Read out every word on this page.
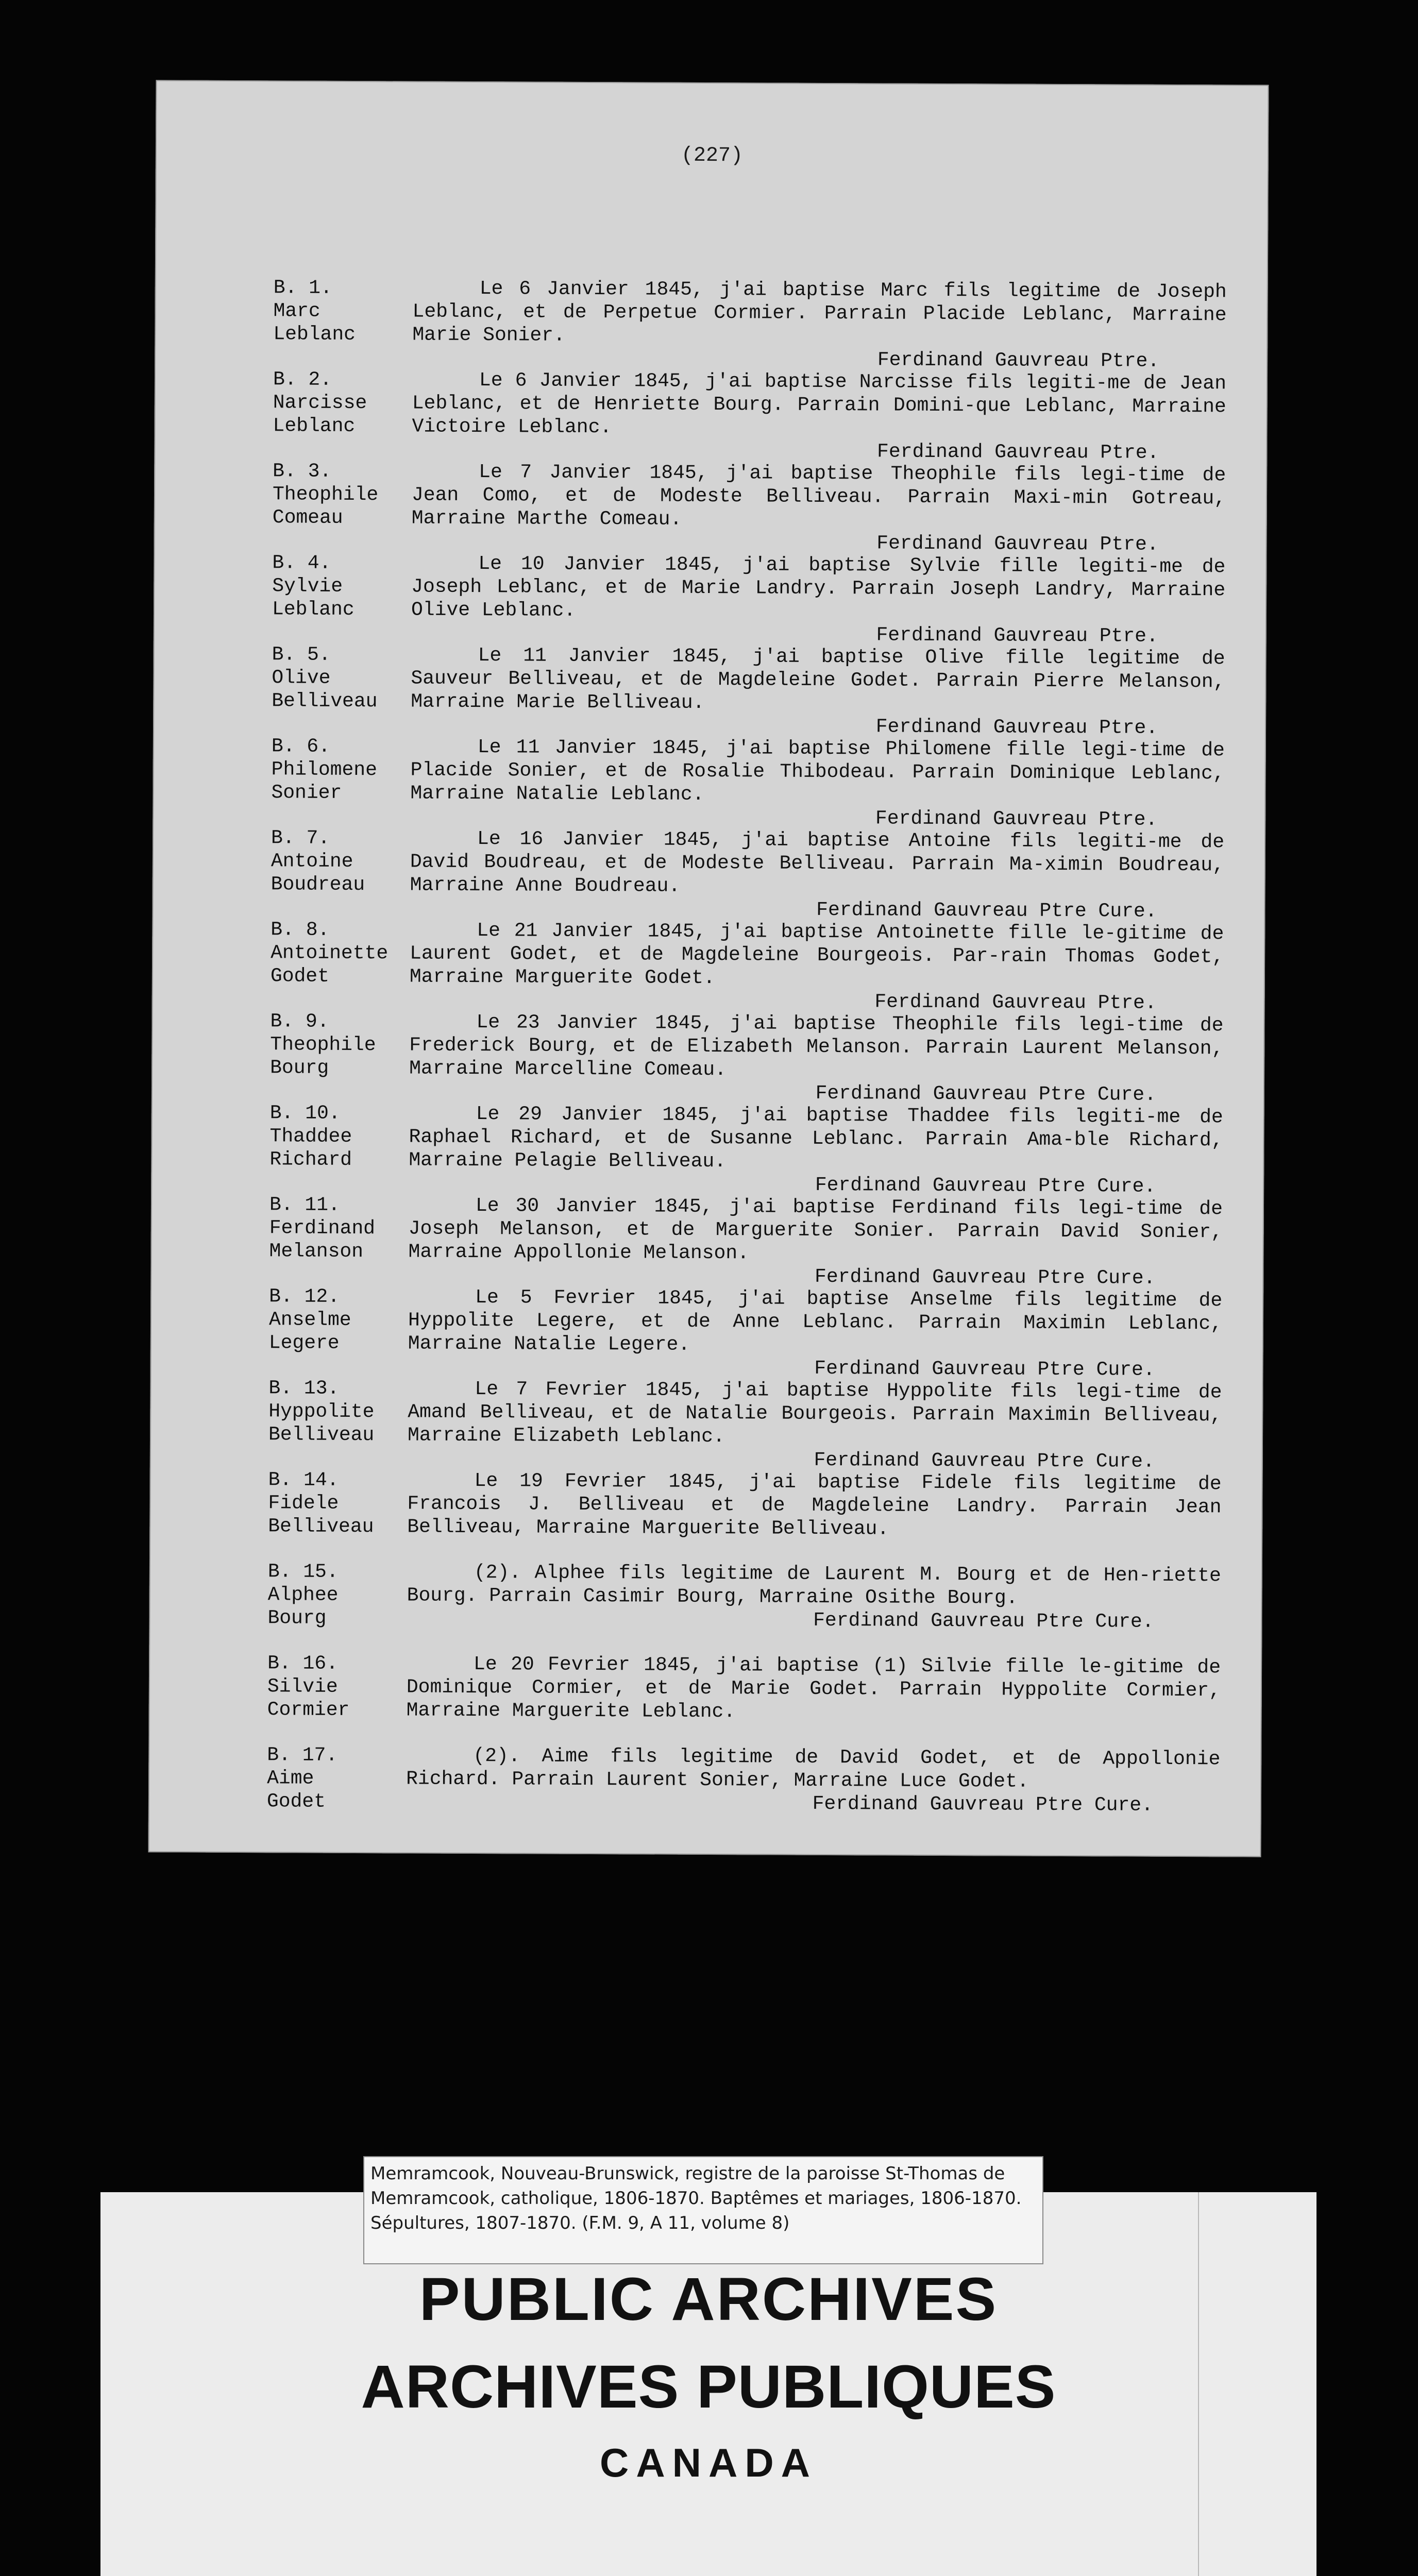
(227)
B. 1.
Marc
Leblanc
Le 6 Janvier 1845, j'ai baptise Marc fils legitime de Joseph Leblanc, et de Perpetue Cormier. Parrain Placide Leblanc, Marraine Marie Sonier.
Ferdinand Gauvreau Ptre.
B. 2.
Narcisse
Leblanc
Le 6 Janvier 1845, j'ai baptise Narcisse fils legiti-me de Jean Leblanc, et de Henriette Bourg. Parrain Domini-que Leblanc, Marraine Victoire Leblanc.
Ferdinand Gauvreau Ptre.
B. 3.
Theophile
Comeau
Le 7 Janvier 1845, j'ai baptise Theophile fils legi-time de Jean Como, et de Modeste Belliveau. Parrain Maxi-min Gotreau, Marraine Marthe Comeau.
Ferdinand Gauvreau Ptre.
B. 4.
Sylvie
Leblanc
Le 10 Janvier 1845, j'ai baptise Sylvie fille legiti-me de Joseph Leblanc, et de Marie Landry. Parrain Joseph Landry, Marraine Olive Leblanc.
Ferdinand Gauvreau Ptre.
B. 5.
Olive
Belliveau
Le 11 Janvier 1845, j'ai baptise Olive fille legitime de Sauveur Belliveau, et de Magdeleine Godet. Parrain Pierre Melanson, Marraine Marie Belliveau.
Ferdinand Gauvreau Ptre.
B. 6.
Philomene
Sonier
Le 11 Janvier 1845, j'ai baptise Philomene fille legi-time de Placide Sonier, et de Rosalie Thibodeau. Parrain Dominique Leblanc, Marraine Natalie Leblanc.
Ferdinand Gauvreau Ptre.
B. 7.
Antoine
Boudreau
Le 16 Janvier 1845, j'ai baptise Antoine fils legiti-me de David Boudreau, et de Modeste Belliveau. Parrain Ma-ximin Boudreau, Marraine Anne Boudreau.
Ferdinand Gauvreau Ptre Cure.
B. 8.
Antoinette
Godet
Le 21 Janvier 1845, j'ai baptise Antoinette fille le-gitime de Laurent Godet, et de Magdeleine Bourgeois. Par-rain Thomas Godet, Marraine Marguerite Godet.
Ferdinand Gauvreau Ptre.
B. 9.
Theophile
Bourg
Le 23 Janvier 1845, j'ai baptise Theophile fils legi-time de Frederick Bourg, et de Elizabeth Melanson. Parrain Laurent Melanson, Marraine Marcelline Comeau.
Ferdinand Gauvreau Ptre Cure.
B. 10.
Thaddee
Richard
Le 29 Janvier 1845, j'ai baptise Thaddee fils legiti-me de Raphael Richard, et de Susanne Leblanc. Parrain Ama-ble Richard, Marraine Pelagie Belliveau.
Ferdinand Gauvreau Ptre Cure.
B. 11.
Ferdinand
Melanson
Le 30 Janvier 1845, j'ai baptise Ferdinand fils legi-time de Joseph Melanson, et de Marguerite Sonier. Parrain David Sonier, Marraine Appollonie Melanson.
Ferdinand Gauvreau Ptre Cure.
B. 12.
Anselme
Legere
Le 5 Fevrier 1845, j'ai baptise Anselme fils legitime de Hyppolite Legere, et de Anne Leblanc. Parrain Maximin Leblanc, Marraine Natalie Legere.
Ferdinand Gauvreau Ptre Cure.
B. 13.
Hyppolite
Belliveau
Le 7 Fevrier 1845, j'ai baptise Hyppolite fils legi-time de Amand Belliveau, et de Natalie Bourgeois. Parrain Maximin Belliveau, Marraine Elizabeth Leblanc.
Ferdinand Gauvreau Ptre Cure.
B. 14.
Fidele
Belliveau
Le 19 Fevrier 1845, j'ai baptise Fidele fils legitime de Francois J. Belliveau et de Magdeleine Landry. Parrain Jean Belliveau, Marraine Marguerite Belliveau.
B. 15.
Alphee
Bourg
(2). Alphee fils legitime de Laurent M. Bourg et de Hen-riette Bourg. Parrain Casimir Bourg, Marraine Osithe Bourg.
Ferdinand Gauvreau Ptre Cure.
B. 16.
Silvie
Cormier
Le 20 Fevrier 1845, j'ai baptise (1) Silvie fille le-gitime de Dominique Cormier, et de Marie Godet. Parrain Hyppolite Cormier, Marraine Marguerite Leblanc.
B. 17.
Aime
Godet
(2). Aime fils legitime de David Godet, et de Appollonie Richard. Parrain Laurent Sonier, Marraine Luce Godet.
Ferdinand Gauvreau Ptre Cure.
Memramcook, Nouveau-Brunswick, registre de la paroisse St-Thomas de Memramcook, catholique, 1806-1870. Baptêmes et mariages, 1806-1870. Sépultures, 1807-1870. (F.M. 9, A 11, volume 8)
PUBLIC ARCHIVES
ARCHIVES PUBLIQUES
CANADA
